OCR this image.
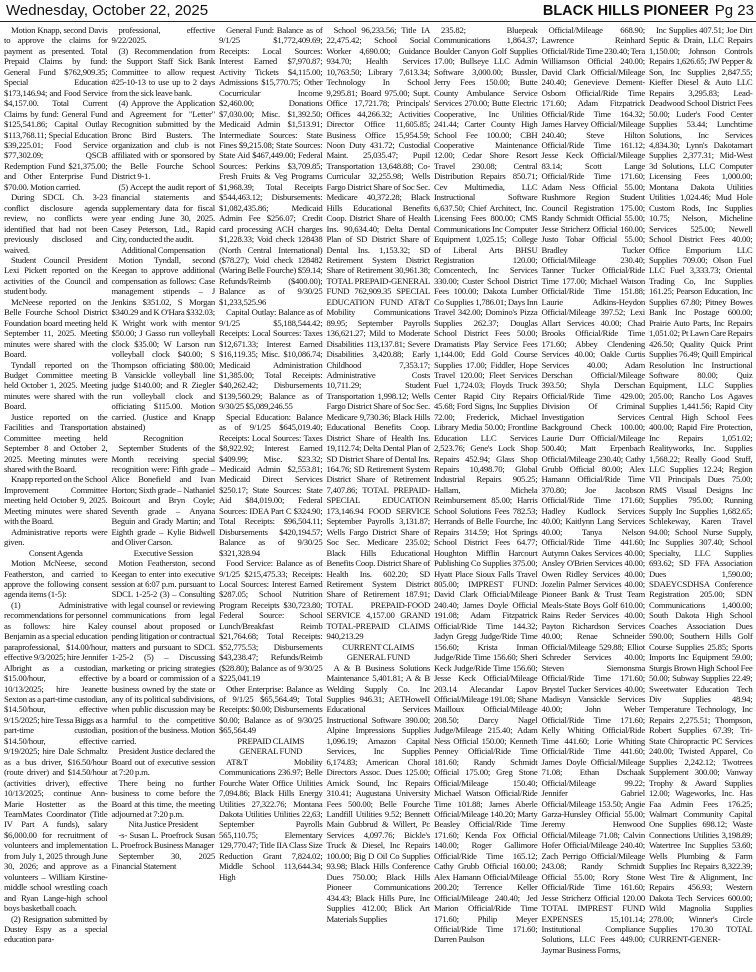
Wednesday, October 22, 2025	BLACK HILLS PIONEER Pg 23

Motion Knapp, second Davis to approve the claims for payment as presented. Total Prepaid Claims by fund: General Fund $762,909.35; Special Education $173,146.94; and Food Service $4,157.00. Total Current Claims by fund: General Fund $125,541.86; Capital Outlay $113,768.11; Special Education $39,225.01; Food Service $77,302.09; QSCB Redemption Fund $21,375.00; and Other Enterprise Fund $70.00. Motion carried.

During SDCL Ch. 3-23 conflict disclosure agenda review, no conflicts were identified that had not been previously disclosed and waived.

Student Council President Lexi Pickett reported on the activities of the Council and student body.

McNeese reported on the Belle Fourche School District Foundation board meeting held September 11, 2025. Meeting minutes were shared with the Board.

Tyndall reported on the Budget Committee meeting held October 1, 2025. Meeting minutes were shared with the Board.

Justice reported on the Facilities and Transportation Committee meeting held September 8 and October 2, 2025. Meeting minutes were shared with the Board.

Knapp reported on the School Improvement Committee meeting held October 9, 2025. Meeting minutes were shared with the Board.

Administrative reports were given.

Consent Agenda

Motion McNeese, second Featherston, and carried to approve the following consent agenda items (1-5):

(1) Administrative recommendations for personnel as follows: hire Kaley Benjamin as a special education paraprofessional, $14.00/hour, effective 9/3/2025; hire Jennifer Albright as a custodian, $15.00/hour, effective 10/13/2025; hire Jeanette Sexton as a part-time custodian, $14.50/hour, effective 9/15/2025; hire Tessa Biggs as a part-time custodian, $14.50/hour, effective 9/19/2025; hire Dale Schmaltz as a bus driver, $16.50/hour (route driver) and $14.50/hour (activities driver), effective 10/13/2025; continue Ann-Marie Hostetter as the TeamMates Coordinator (Title IV Part A funds), salary $6,000.00 for recruitment of volunteers and implementation from July 1, 2025 through June 30, 2026; and approve as a volunteers – William Kirstine-middle school wrestling coach and Ryan Lange-high school boys basketball coach.

(2) Resignation submitted by Dustey Espy as a special education para-

professional, effective 9/22/2025.

(3) Recommendation from the Support Staff Sick Bank Committee to allow request #25-10-13 to use up to 2 days from the sick leave bank.

(4) Approve the Application and Agreement for "Letter" Recognition submitted by the Bronc Bird Busters. The organization and club is not affiliated with or sponsored by the Belle Fourche School District 9-1.

(5) Accept the audit report of financial statements and supplementary data for fiscal year ending June 30, 2025. Casey Peterson, Ltd., Rapid City, conducted the audit.

Additional Compensation

Motion Tyndall, second Keegan to approve additional compensation as follows: Case management stipends – J Jenkins $351.02, S Morgan $340.29 and K O'Hara $332.03; K Wright work with mentor $50.00; J Gasso run volleyball clock $35.00; W Larson run volleyball clock $40.00; S Thompson officiating $80.00; B Vansickle volleyball line judge $140.00; and R Ziegler run volleyball clock and officiating $115.00. Motion carried. (Justice and Knapp abstained)

Recognition

September Students of the Month receiving special recognition were: Fifth grade – Alice Bonefield and Ivan Horton; Sixth grade – Nathaniel Boicourt and Bryn Coyle; Seventh grade – Anyana Beguin and Grady Martin; and Eighth grade – Kylie Bidwell and Oliver Carson.

Executive Session

Motion Featherston, second Keegan to enter into executive session at 6:07 p.m. pursuant to SDCL 1-25-2 (3) – Consulting with legal counsel or reviewing communications from legal counsel about proposed or pending litigation or contractual matters and pursuant to SDCL 1-25-2 (5) – Discussing marketing or pricing strategies by a board or commission of a business owned by the state or any of its political subdivisions, when public discussion may be harmful to the competitive position of the business. Motion carried.

President Justice declared the Board out of executive session at 7:20 p.m.

There being no further business to come before the Board at this time, the meeting adjourned at 7:20 p.m.

Nita Justice President

-s- Susan L. Proefrock Susan L. Proefrock Business Manager

September 30, 2025 Financial Statement

General Fund: Balance as of 9/1/25 $1,772,409.69; Receipts: Local Sources: Interest Earned $7,970.87; Activity Tickets $4,115.00; Admissions $15,770.75; Other Cocurricular Income $2,460.00; Donations $7,030.00; Misc. $1,392.50; Medicaid Admin $1,513.91; Intermediate Sources: State Fines $9,215.08; State Sources: State Aid $467,449.00; Federal Sources: Perkins $3,709.85; Fresh Fruits & Veg Programs $1,968.39; Total Receipts $544,463.12; Disbursements: $1,082,435.86; Medicaid Admin Fee $256.07; Credit card processing ACH charges $1,228.33; Void check 128438 (North Central International) ($78.27); Void check 128482 (Waring Belle Fourche) $59.14; Refunds/Reimb ($400.00); Balance as of 9/30/25 $1,233,525.96

Capital Outlay: Balance as of 9/1/25 $5,188,544.42; Receipts: Local Sources: Taxes $12,671.33; Interest Earned $16,119.35; Misc. $10,086.74; Medicaid Administration $1,385.00; Total Receipts: $40,262.42; Disbursements $139,560.29; Balance as of 9/30/25 $5,089,246.55

Special Education: Balance as of 9/1/25 $645,019.40; Receipts: Local Sources: Taxes $8,922.92; Interest Earned $409.99; Misc. $23.32; Medicaid Admin $2,553.81; Medicaid Direct Services $250.17; State Sources: State Aid $84,019.00; Federal Sources: IDEA Part C $324.90; Total Receipts: $96,504.11; Disbursements $420,194.57; Balance as of 9/30/25 $321,328.94

Food Service: Balance as of 9/1/25 $215,475.33; Receipts: Local Sources: Interest Earned $287.05; School Nutrition Program Receipts $30,723.80; Federal Source: School Lunch/Breakfast Reimb $21,764.68; Total Receipts: $52,775.53; Disbursements $43,238.47; Refunds/Reimb ($28.80); Balance as of 9/30/25 $225,041.19

Other Enterprise: Balance as of 9/1/25 $65,564.49; Total Receipts: $0.00; Disbursements $0.00; Balance as of 9/30/25 $65,564.49

PREPAID CLAIMS GENERAL FUND

AT&T Mobility Communications 236.97; Belle Fourche Water Office Utilities 7,094.86; Black Hills Energy Utilities 27,322.76; Montana Dakota Utilities Utilities 22,63; September Payrolls 565,110.75; Elementary 129,770.47; Title IIA Class Size Reduction Grant 7,824.02; Middle School 113,644.34; High

School 96,233.56; Title IA 22,475.42; School Social Worker 4,690.00; Guidance 934.70; Health Services 10,763.50; Library 7,613.34; Technology In School 9,295.81; Board 975.00; Supt. Office 17,721.78; Principals' Offices 44,266.32; Activities Director Office 11,605.85; Business Office 15,954.59; Noon Duty 431.72; Custodial Maint. 25,035.47; Pupil Transportation 13,648.88; Co-Curricular 32,255.98; Wells Fargo District Share of Soc Sec. Medicare 40,372.28; Black Hills Educational Benefits Coop. District Share of Health Ins. 90,634.40; Delta Dental Plan of SD District Share of Dental Ins. 1,153.32; SD Retirement System District Share of Retirement 30,961.38; TOTAL PREPAID-GENERAL FUND 762,909.35 SPECIAL EDUCATION FUND AT&T Mobility Communications 89.95; September Payrolls 136,621.27; Mild to Moderate Disabilities 113,137.81; Severe Disabilities 3,420.88; Early Childhood 7,353.17; Administrative Costs 10,711.29; Student Transportation 1,998.12; Wells Fargo District Share of Soc Sec. Medicare 9,730.36; Black Hills Educational Benefits Coop. District Share of Health Ins. 19,112.74; Delta Dental Plan of SD District Share of Dental Ins. 164.76; SD Retirement System District Share of Retirement 7,407.86; TOTAL PREPAID-SPECIAL EDUCATION 173,146.94 FOOD SERVICE September Payrolls 3,131.87; Wells Fargo District Share of Soc Sec. Medicare 235.02; Black Hills Educational Benefits Coop. District Share of Health Ins. 602.20; SD Retirement System District Share of Retirement 187.91; TOTAL PREPAID-FOOD SERVICE 4,157.00 GRAND TOTAL-PREPAID CLAIMS 940,213.29

CURRENT CLAIMS GENERAL FUND

A & B Business Solutions Maintenance 5,401.81; A & B Welding Supply Co. Inc Supplies 946.31; AETHoweII Educational Services Instructional Software 390.00; Alpine Impressions Supplies 1,096.19; Amazon Capital Services, Inc Supplies 6,174.83; American Choral Directors Assoc. Dues 125.00; Amick Sound, Inc Repairs 310.41; Augustana University Fees 500.00; Belle Fourche Landfill Utilities 9.52; Bennett Main Gubbrud & Willert, Pc Services 4,097.76; Bickle's Truck & Diesel, Inc Repairs 100.00; Big D Oil Co Supplies 93.98; Black Hills Conference Dues 750.00; Black Hills Pioneer Communications 434.43; Black Hills Pure, Inc Supplies 412.00; Blick Art Materials Supplies

235.82; Bluepeak Communications 1,864.37; Boulder Canyon Golf Supplies 17.00; Bullseye LLC Admin Software 3,000.00; Bussler, Jerry Fees 150.00; Butte County Ambulance Service Services 270.00; Butte Electric Cooperative, Inc Utilities 241.44; Carter County High School Fee 100.00; CBH Cooperative Maintenance 12.00; Cedar Shore Resort Travel 230.08; Central Distribution Repairs 850.71; Cev Multimedia, LLC Instructional Software 6,637.50; Chief Architect, Inc. Licensing Fees 800.00; CMS Communications Inc Computer Equipment 1,025.15; College of Liberal Arts BHSU Registration 120.00; Comcentech, Inc Services 330.00; Custer School District Fees 100.00; Dakota Lumber Co Supplies 1,786.01; Days Inn Travel 342.00; Domino's Pizza Supplies 262.37; Douglas School District Fees 50.00; Dramatists Play Service Fees 1,144.00; Edd Gold Course Supplies 17.00; Fiddler, Hope Travel 120.00; Fleet Services Fuel 1,724.03; Floyds Truck Center Rapid City Repairs 45.68; Ford Signs, Inc Supplies 72.00; Frederick, Michael Library Media 50.00; Frontline Education LLC Services 2,523.76; Gene's Lock Shop Repairs 452.94; Glass Shop Repairs 10,498.70; Global Industrial Repairs 905.25; Hallam, Michela Reimbursement 85.00; Harris School Solutions Fees 782.53; Herrands of Belle Fourche, Inc Repairs 314.59; Hot Springs School District Fees 64.77; Houghton Mifflin Harcourt Publishing Co Supplies 375.00; Hyatt Place Sioux Falls Travel 805.00; IMPREST FUND: David Clark Official/Mileage 240.40; James Doyle Official 191.08; Adam Fitzpatrick Official/Ride Time 144.32; Jadyn Gregg Judge/Ride Time 156.60; Krista Inman Judge/Ride Time 156.60; Sheri Keck Judge/Ride Time 156.60; Jesse Keck Official/Mileage 203.14 Alecandar Lapov Official/Mileage 191.08; Shane Mailloux Official/Mileage 208.50; Darcy Nagel Judge/Mileage 215.40; Adam Ness Official 150.00; Kenneth Penney Official/Ride Time 181.60; Randy Schmidt Official 175.00; Greg Stone Official/Mileage 150.40; Michael Watson Official/Ride Time 101.88; James Aberle Official/Mileage 140.20; Marty Beasley Official/Ride Time 171.60; Kenda Fox Official 140.00; Roger Gallimore Official/Ride Time 165.12; Cathy Grubb Official 160.00; Alex Hamann Official/Mileage 200.20; Terrence Keller Official/Mileage 240.40; Jed Marion Official/Ride Time 171.60; Philip Meyer Official/Ride Time 171.60; Darren Paulson

Official/Mileage 668.90; Lawrence Reinhard Official/Ride Time 230.40; Tera Williamson Official 240.00; David Clark Official/Mileage 240.40; Genevieve Dement-Osborn Official/Ride Time 171.60; Adam Fitzpatrick Official/Ride Time 164.32; James Harvey Official/Mileage 240.40; Steve Hilton Official/Ride Time 161.12; Jesse Keck Official/Mileage 83.14; Scott Lange Official/Ride Time 171.60; Adam Ness Official 55.00; Rushmore Region Student Council Registration 175.00; Randy Schmidt Official 55.00; Jesse Stricherz Official 160.00; Justo Tobar Official 55.00; Bradley Tucker Official/Mileage 230.40; Tanner Tucker Official/Ride Time 177.00; Michael Watson Official/Ride Time 151.88; Laurie Adkins-Heydon Official/Mileage 397.52; Lexi Allart Services 40.00; Chad Brooks Official/Ride Time 171.60; Abbey Clendening Services 40.00; Oakle Curtis Services 40.00; Adam Derschan Official/Mileage 393.50; Shyla Derschan Official/Ride Time 429.00; Division Of Criminal Investigation Services Background Check 100.00; Laurie Durr Official/Mileage 500.40; Matt Erpenbach Official/Mileage 230.40; Cathy Grubb Official 80.00; Alex Hamann Official/Ride Time 370.80; Joe Jacobson Official/Ride Time 171.60; Hadley Kudlock Services 40.00; Kaitlynn Lang Services 40.00; Tanya Nelson Official/Ride Time 441.60; Autymn Oakes Services 40.00; Ansley O'Brien Services 40.00; Owen Ridley Services 40.00; Jozelin Palmer Services 40.00; Pioneer Bank & Trust Team Meals-State Boys Golf 610.00; Rains Reder Services 40.00; Payton Richardson Services 40.00; Renae Schneider Official/Mileage 529.88; Elliot Schreder Services 40.00; Steven Siemonsma Official/Ride Time 171.60; Brystel Tucker Services 40.00; Madisyn Vansickle Services 40.00; John Weber Official/Ride Time 171.60; Kelly Whiting Official/Ride Time 441.60; Lorie Whiting Official/Ride Time 441.60; James Doyle Official/Mileage 71.08; Ethan Dschaak Official/Mileage 99.22; Jennifer Gabriel Official/Mileage 153.50; Angie Garza-Hunsley Official 55.00; Jeremy Henwood Official/Mileage 71.08; Calvin Hofer Official/Mileage 240.40; Zach Perrigo Official/Mileage 243.08; Randy Schmidt Official 55.00; Rory Stone Official/Ride Time 161.60; Jesse Stricherz Official 120.00 TOTAL IMPREST FUND EXPENSES 15,101.14; Institutional Compliance Solutions, LLC Fees 449.00; Jaymar Business Forms,

Inc Supplies 407.51; Joe Dirt Septic & Drain, LLC Repairs 1,150.00; Johnson Controls Repairs 1,626.65; JW Pepper & Son, Inc Supplies 2,847.55; Kieffer Diesel & Auto LLC Repairs 3,295.83; Lead-Deadwood School District Fees 50.00; Luder's Food Center Supplies 53.44; Lunchtime Solutions, Inc Services 4,834.30; Lynn's Dakotamart Supplies 2,377.31; Mid-West 3d Solutions, LLC Computer Licensing Fees 1,000.00; Montana Dakota Utilities Utilities 1,024.46; Mud Hole Custom Rods, Inc Supplies 10.75; Nelson, Micheline Services 525.00; Newell School District Fees 40.00; Office Emporium LLC Supplies 709.00; Olson Fuel LLC Fuel 3,333.73; Oriental Trading Co, Inc Supplies 161.25; Pearson Education, Inc Supplies 67.80; Pitney Bowes Bank Inc Postage 600.00; Prairie Auto Parts, Inc Repairs 1,051.02; Pt Lawn Care Repairs 426.50; Quality Quick Print Supplies 76.49; Quill Empirical Resolution Inc Instructional Software 80.00; Quiz Equipment, LLC Supplies 205.00; Rancho Los Agaves Supplies 1,441.56; Rapid City Central High School Fees 400.00; Rapid Fire Protection, Inc Repairs 1,051.02; Realityworks, Inc. Supplies 1,568.22; Really Good Stuff, LLC Supplies 12.24; Region VII Principals Dues 75.00; RMS Visual Designs Inc Supplies 795.00; Running Supply Inc Supplies 1,682.65; Schlekeway, Karen Travel 94.00; School Nurse Supply, Inc Supplies 307.40; School Specialty, LLC Supplies 693.62; SD FFA Association Dues 1,590.00; SDAEYCSDHSA Conference Registration 205.00; SDN Communications 1,400.00; South Dakota High School Coaches Association Dues 590.00; Southern Hills Golf Course Supplies 25.85; Sports Imports Inc Equipment 59.00; Sturgis Brown High School Fee 50.00; Subway Supplies 22.49; Sweetwater Education Tech Div Supplies 48.94; Temperature Technology, Inc Repairs 2,275.51; Thompson, Robert Supplies 67.39; Tri-State Chiropractic PC Services 240.00; Twisted Apparel, Co Supplies 2,242.12; Twotrees Supplement 300.00; Vanway Trophy & Award Supplies 12.00; Wageworks, Inc. Has Faa Admin Fees 176.25; Walmart Community Capital One Supplies 698.12; Waste Connections Utilities 3,198.89; Watertree Inc Supplies 53.60; Wells Plumbing & Farm Supplies Inc Repairs 8,322.39; West Tire & Alignment, Inc Repairs 456.93; Western Dakota Tech Services 600.00; Wild Magnolia Supplies 278.00; Winner's Circle Supplies 170.30 TOTAL CURRENT-GENER-
